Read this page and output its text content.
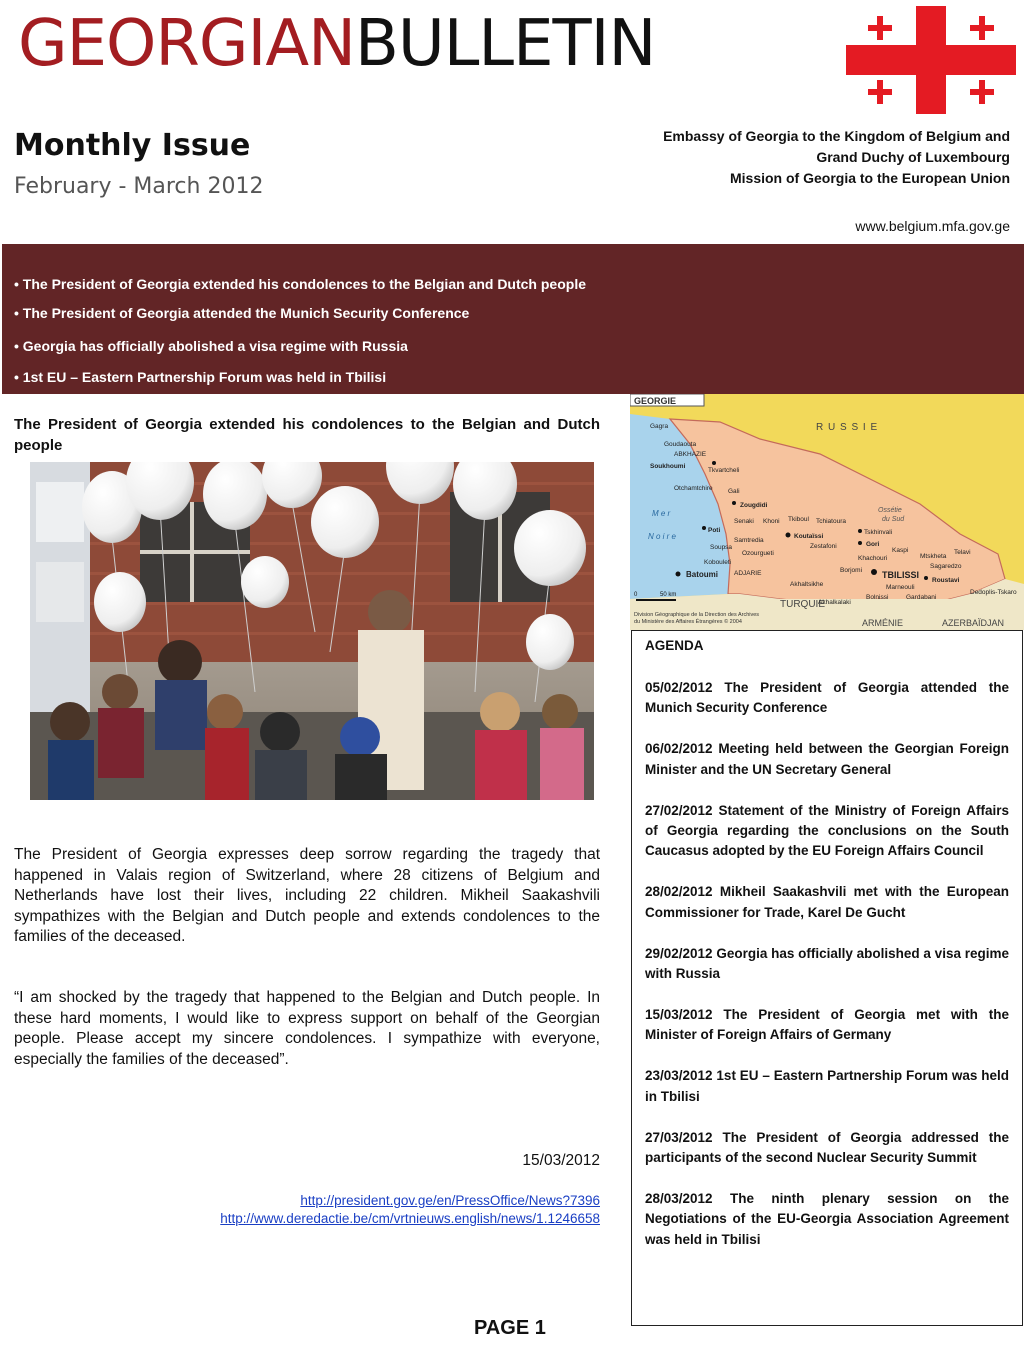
GEORGIANBULLETIN
Monthly Issue
February - March 2012
Embassy of Georgia to the Kingdom of Belgium and
Grand Duchy of Luxembourg
Mission of Georgia to the European Union
www.belgium.mfa.gov.ge
• The President of Georgia extended his condolences to the Belgian and Dutch people
• The President of Georgia attended the Munich Security Conference
• Georgia has officially abolished a visa regime with Russia
• 1st EU – Eastern Partnership Forum was held in Tbilisi
The President of Georgia extended his condolences to the Belgian and Dutch people
The President of Georgia expresses deep sorrow regarding the tragedy that happened in Valais region of Switzerland, where 28 citizens of Belgium and Netherlands have lost their lives, including 22 children. Mikheil Saakashvili sympathizes with the Belgian and Dutch people and extends condolences to the families of the deceased.
“I am shocked by the tragedy that happened to the Belgian and Dutch people. In these hard moments, I would like to express support on behalf of the Georgian people. Please accept my sincere condolences. I sympathize with everyone, especially the families of the deceased”.
15/03/2012
http://president.gov.ge/en/PressOffice/News?7396
http://www.deredactie.be/cm/vrtnieuws.english/news/1.1246658
GEORGIE
R U S S I E
TURQUIE
ARMÉNIE	AZERBAÏDJAN
M e r
N o i r e
Ossétie
du Sud
Gagra
Goudaouta
ABKHAZIE
Soukhoumi
Tkvartcheli
Otchamtchire Gali
Zougdidi
Senaki Khoni Tkiboul Tchiatoura
Tskhinvali
Poti
Koutaïssi
Samtredia
Zestafoni	Gori
Kaspi
Mtskheta
Telavi
Soupsa
Ozourgueti
Khachouri
Sagaredzo
Kobouleti
Borjomi TBILISSI
Roustavi
Batoumi ADJARIE
Akhaltsikhe	Marneouli
Bolnissi	Gardabani
Dedoplis-Tskaro
Akhalkalaki
0	50 km
Division Géographique de la Direction des Archives
du Ministère des Affaires Étrangères © 2004
AGENDA
05/02/2012 The President of Georgia attended the Munich Security Conference
06/02/2012 Meeting held between the Georgian Foreign Minister and the UN Secretary General
27/02/2012 Statement of the Ministry of Foreign Affairs of Georgia regarding the conclusions on the South Caucasus adopted by the EU Foreign Affairs Council
28/02/2012 Mikheil Saakashvili met with the European Commissioner for Trade, Karel De Gucht
29/02/2012 Georgia has officially abolished a visa regime with Russia
15/03/2012 The President of Georgia met with the Minister of Foreign Affairs of Germany
23/03/2012 1st EU – Eastern Partnership Forum was held in Tbilisi
27/03/2012 The President of Georgia addressed the participants of the second Nuclear Security Summit
28/03/2012 The ninth plenary session on the Negotiations of the EU-Georgia Association Agreement was held in Tbilisi
PAGE 1
